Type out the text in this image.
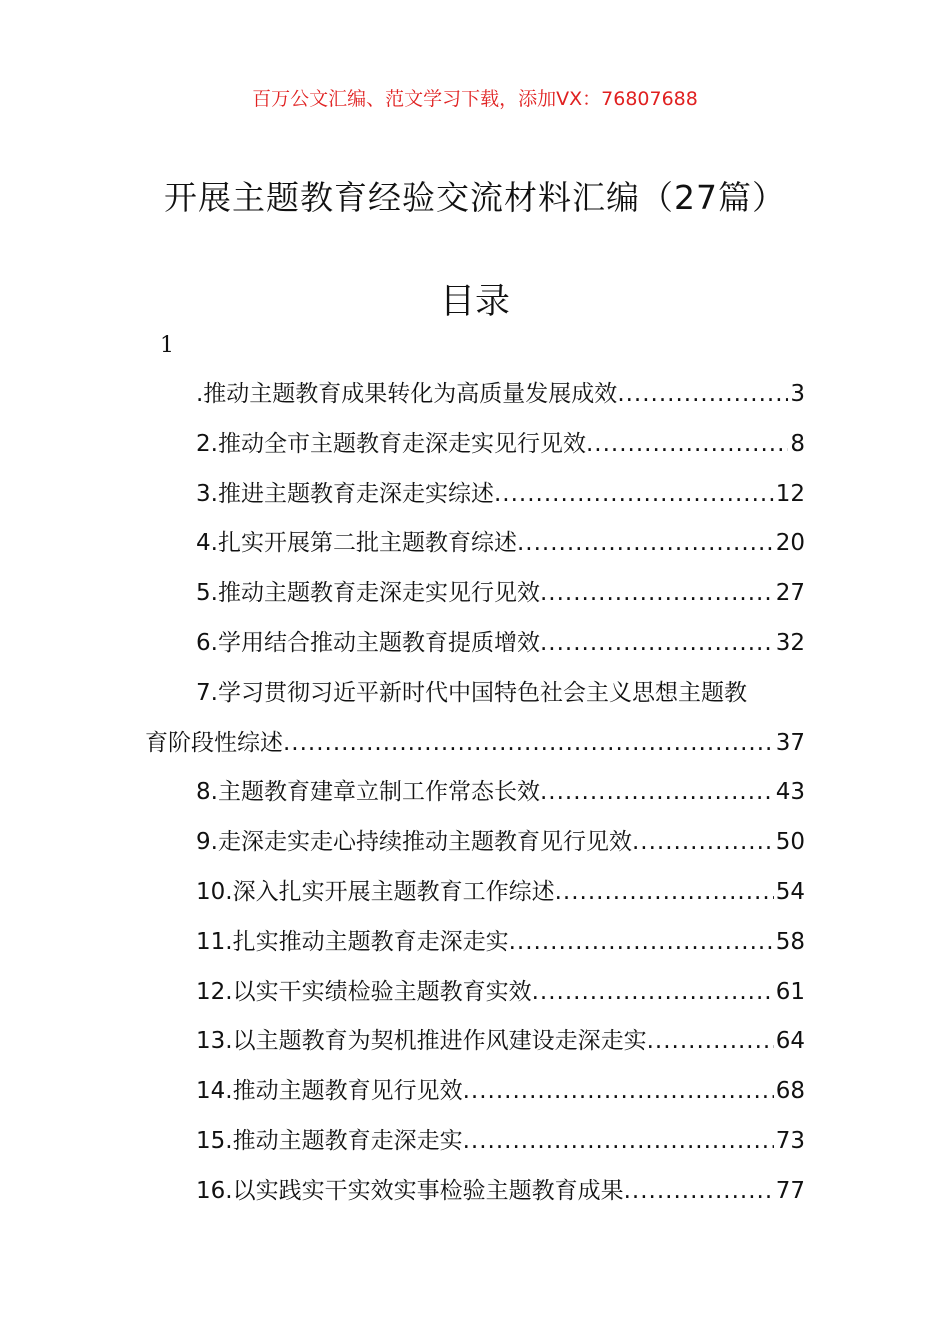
百万公文汇编、范文学习下载，添加VX：76807688
开展主题教育经验交流材料汇编（27篇）
目录
1
.推动主题教育成果转化为高质量发展成效 .....	3
2.推动全市主题教育走深走实见行见效 .....	8
3.推进主题教育走深走实综述 .....	12
4.扎实开展第二批主题教育综述 .....	20
5.推动主题教育走深走实见行见效 .....	27
6.学用结合推动主题教育提质增效 .....	32
7.学习贯彻习近平新时代中国特色社会主义思想主题教
育阶段性综述 .....	37
8.主题教育建章立制工作常态长效 .....	43
9.走深走实走心持续推动主题教育见行见效 .....	50
10.深入扎实开展主题教育工作综述 .....	54
11.扎实推动主题教育走深走实 .....	58
12.以实干实绩检验主题教育实效 .....	61
13.以主题教育为契机推进作风建设走深走实 .....	64
14.推动主题教育见行见效 .....	68
15.推动主题教育走深走实 .....	73
16.以实践实干实效实事检验主题教育成果 .....	77
